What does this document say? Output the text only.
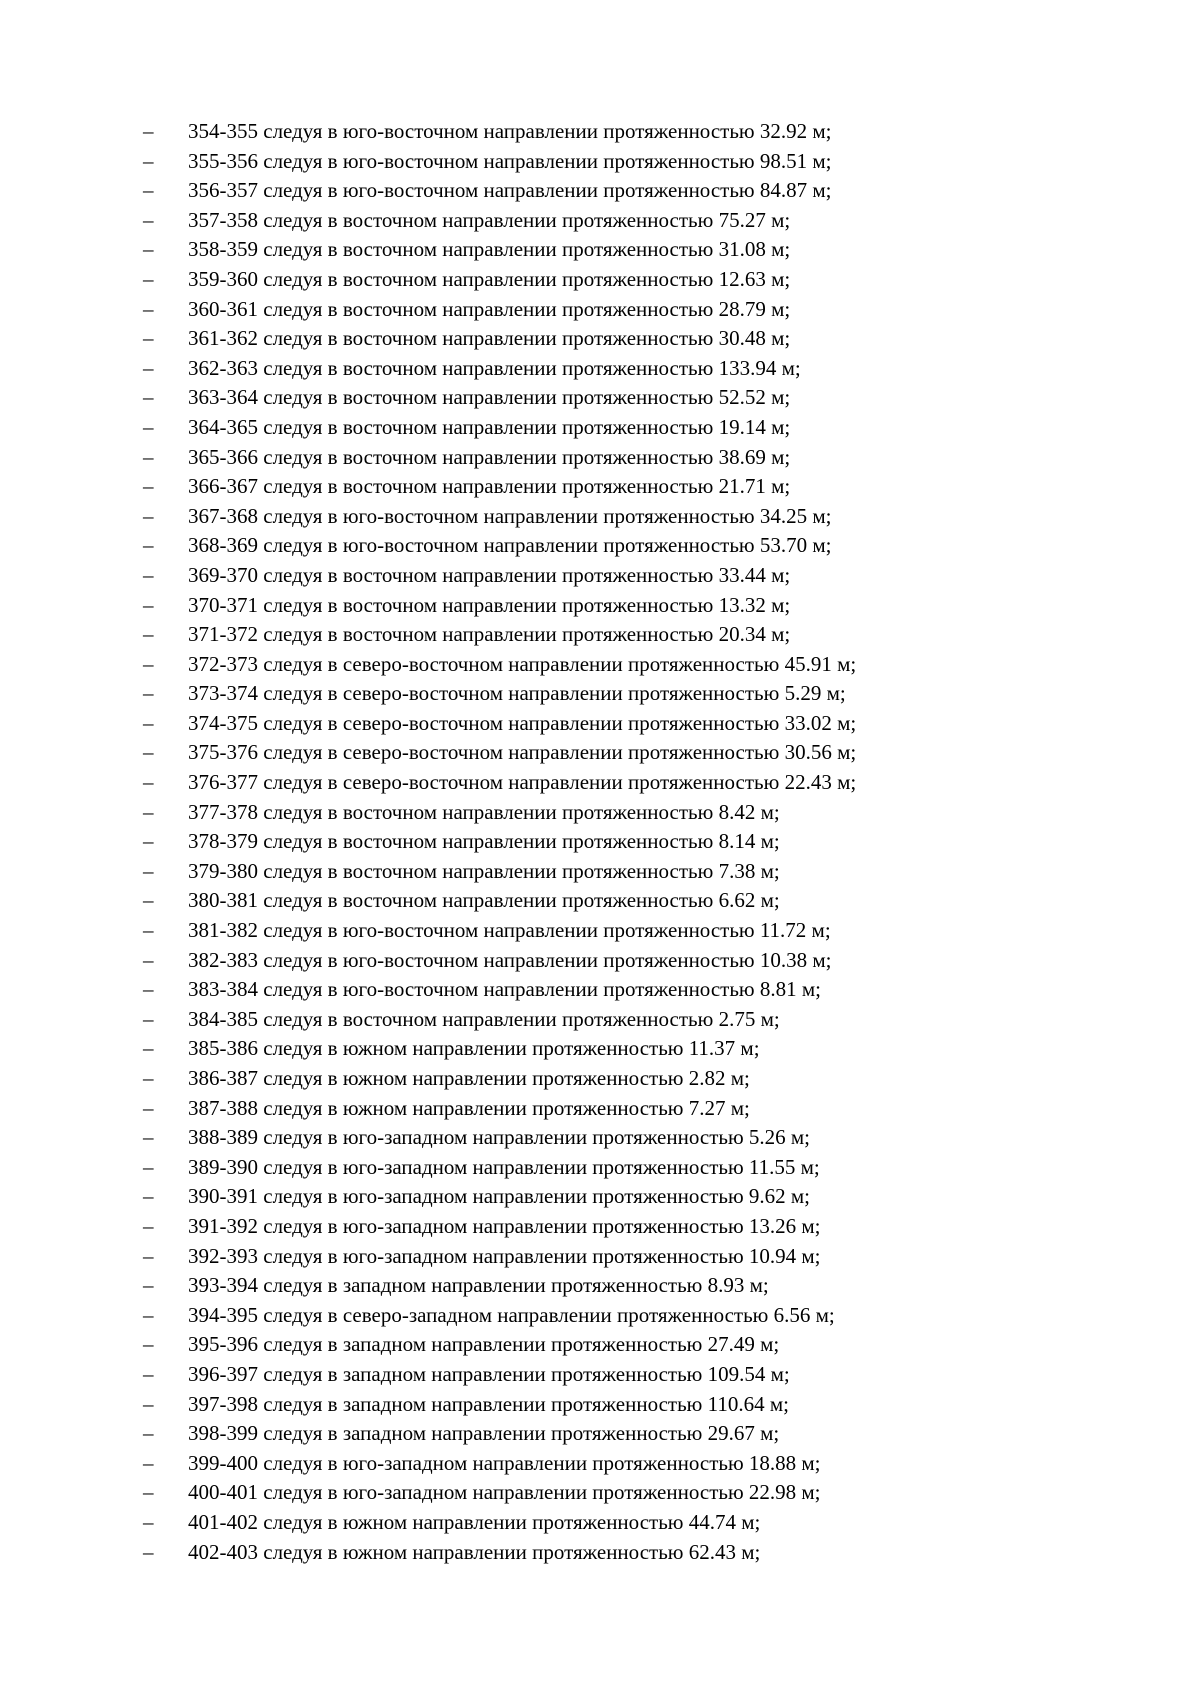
–	354-355 следуя в юго-восточном направлении протяженностью 32.92 м;
–	355-356 следуя в юго-восточном направлении протяженностью 98.51 м;
–	356-357 следуя в юго-восточном направлении протяженностью 84.87 м;
–	357-358 следуя в восточном направлении протяженностью 75.27 м;
–	358-359 следуя в восточном направлении протяженностью 31.08 м;
–	359-360 следуя в восточном направлении протяженностью 12.63 м;
–	360-361 следуя в восточном направлении протяженностью 28.79 м;
–	361-362 следуя в восточном направлении протяженностью 30.48 м;
–	362-363 следуя в восточном направлении протяженностью 133.94 м;
–	363-364 следуя в восточном направлении протяженностью 52.52 м;
–	364-365 следуя в восточном направлении протяженностью 19.14 м;
–	365-366 следуя в восточном направлении протяженностью 38.69 м;
–	366-367 следуя в восточном направлении протяженностью 21.71 м;
–	367-368 следуя в юго-восточном направлении протяженностью 34.25 м;
–	368-369 следуя в юго-восточном направлении протяженностью 53.70 м;
–	369-370 следуя в восточном направлении протяженностью 33.44 м;
–	370-371 следуя в восточном направлении протяженностью 13.32 м;
–	371-372 следуя в восточном направлении протяженностью 20.34 м;
–	372-373 следуя в северо-восточном направлении протяженностью 45.91 м;
–	373-374 следуя в северо-восточном направлении протяженностью 5.29 м;
–	374-375 следуя в северо-восточном направлении протяженностью 33.02 м;
–	375-376 следуя в северо-восточном направлении протяженностью 30.56 м;
–	376-377 следуя в северо-восточном направлении протяженностью 22.43 м;
–	377-378 следуя в восточном направлении протяженностью 8.42 м;
–	378-379 следуя в восточном направлении протяженностью 8.14 м;
–	379-380 следуя в восточном направлении протяженностью 7.38 м;
–	380-381 следуя в восточном направлении протяженностью 6.62 м;
–	381-382 следуя в юго-восточном направлении протяженностью 11.72 м;
–	382-383 следуя в юго-восточном направлении протяженностью 10.38 м;
–	383-384 следуя в юго-восточном направлении протяженностью 8.81 м;
–	384-385 следуя в восточном направлении протяженностью 2.75 м;
–	385-386 следуя в южном направлении протяженностью 11.37 м;
–	386-387 следуя в южном направлении протяженностью 2.82 м;
–	387-388 следуя в южном направлении протяженностью 7.27 м;
–	388-389 следуя в юго-западном направлении протяженностью 5.26 м;
–	389-390 следуя в юго-западном направлении протяженностью 11.55 м;
–	390-391 следуя в юго-западном направлении протяженностью 9.62 м;
–	391-392 следуя в юго-западном направлении протяженностью 13.26 м;
–	392-393 следуя в юго-западном направлении протяженностью 10.94 м;
–	393-394 следуя в западном направлении протяженностью 8.93 м;
–	394-395 следуя в северо-западном направлении протяженностью 6.56 м;
–	395-396 следуя в западном направлении протяженностью 27.49 м;
–	396-397 следуя в западном направлении протяженностью 109.54 м;
–	397-398 следуя в западном направлении протяженностью 110.64 м;
–	398-399 следуя в западном направлении протяженностью 29.67 м;
–	399-400 следуя в юго-западном направлении протяженностью 18.88 м;
–	400-401 следуя в юго-западном направлении протяженностью 22.98 м;
–	401-402 следуя в южном направлении протяженностью 44.74 м;
–	402-403 следуя в южном направлении протяженностью 62.43 м;
